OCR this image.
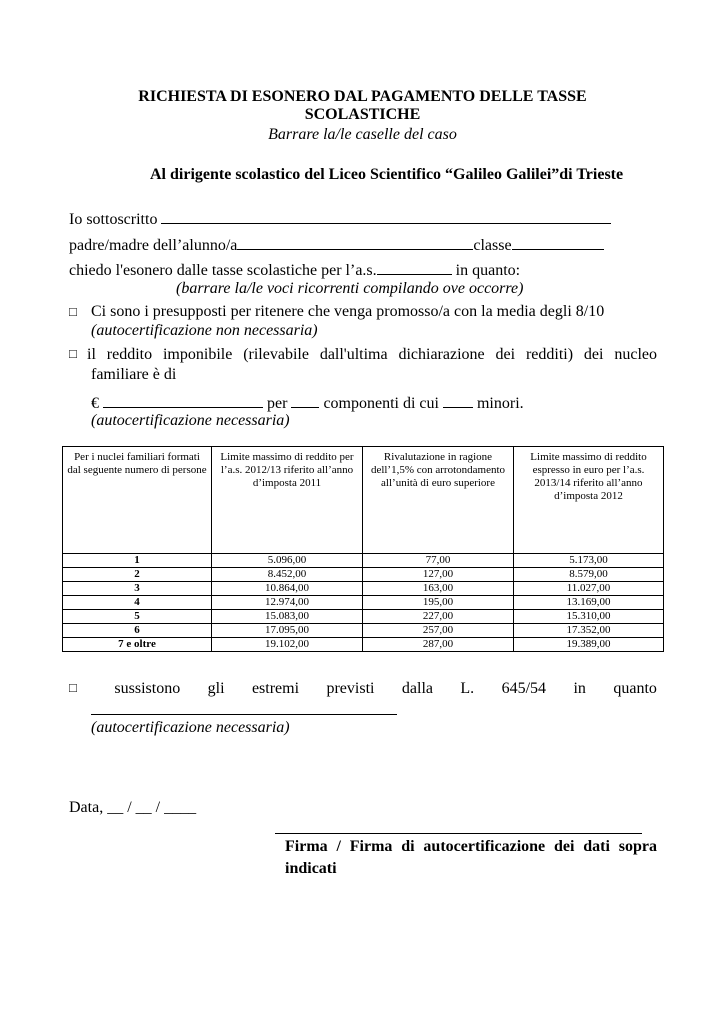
RICHIESTA DI ESONERO DAL PAGAMENTO DELLE TASSE
SCOLASTICHE
Barrare la/le caselle del caso
Al dirigente scolastico del Liceo Scientifico “Galileo Galilei”di Trieste
Io sottoscritto
padre/madre dell’alunno/a	classe
chiedo l'esonero dalle tasse scolastiche per l’a.s.	in quanto:
(barrare la/le voci ricorrenti compilando ove occorre)
□ Ci sono i presupposti per ritenere che venga promosso/a con la media degli 8/10
(autocertificazione non necessaria)
□ il reddito imponibile (rilevabile dall'ultima dichiarazione dei redditi) dei nucleo
familiare è di
€	per componenti di cui minori.
(autocertificazione necessaria)
Per i nuclei familiari formati dal seguente numero di persone	Limite massimo di reddito per l’a.s. 2012/13 riferito all’anno d’imposta 2011	Rivalutazione in ragione dell’1,5% con arrotondamento all’unità di euro superiore	Limite massimo di reddito espresso in euro per l’a.s. 2013/14 riferito all’anno d’imposta 2012
1	5.096,00	77,00	5.173,00
2	8.452,00	127,00	8.579,00
3	10.864,00	163,00	11.027,00
4	12.974,00	195,00	13.169,00
5	15.083,00	227,00	15.310,00
6	17.095,00	257,00	17.352,00
7 e oltre	19.102,00	287,00	19.389,00
□	sussistono gli estremi previsti dalla L. 645/54 in quanto
(autocertificazione necessaria)
Data, __ / __ / ____
Firma / Firma di autocertificazione dei dati sopra indicati
